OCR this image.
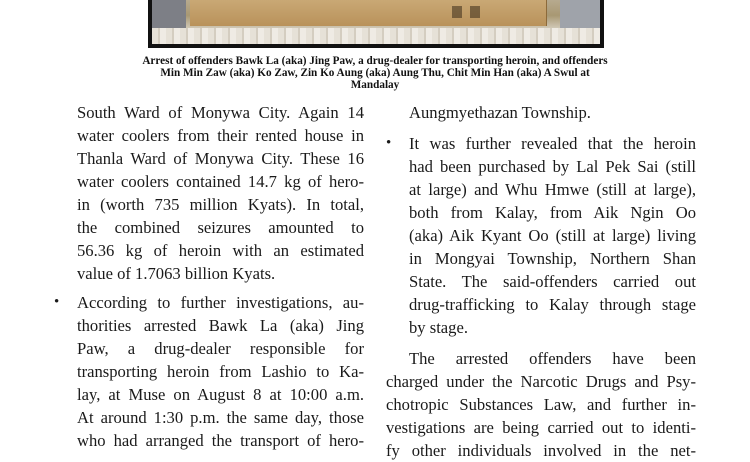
Arrest of offenders Bawk La (aka) Jing Paw, a drug-dealer for transporting heroin, and offenders
Min Min Zaw (aka) Ko Zaw, Zin Ko Aung (aka) Aung Thu, Chit Min Han (aka) A Swul at
Mandalay
South Ward of Monywa City. Again 14
water coolers from their rented house in
Thanla Ward of Monywa City. These 16
water coolers contained 14.7 kg of hero-
in (worth 735 million Kyats). In total,
the combined seizures amounted to
56.36 kg of heroin with an estimated
value of 1.7063 billion Kyats.
•	According to further investigations, au-
thorities arrested Bawk La (aka) Jing
Paw, a drug-dealer responsible for
transporting heroin from Lashio to Ka-
lay, at Muse on August 8 at 10:00 a.m.
At around 1:30 p.m. the same day, those
who had arranged the transport of hero-
Aungmyethazan Township.
•	It was further revealed that the heroin
had been purchased by Lal Pek Sai (still
at large) and Whu Hmwe (still at large),
both from Kalay, from Aik Ngin Oo
(aka) Aik Kyant Oo (still at large) living
in Mongyai Township, Northern Shan
State. The said-offenders carried out
drug-trafficking to Kalay through stage
by stage.
The arrested offenders have been
charged under the Narcotic Drugs and Psy-
chotropic Substances Law, and further in-
vestigations are being carried out to identi-
fy other individuals involved in the net-
